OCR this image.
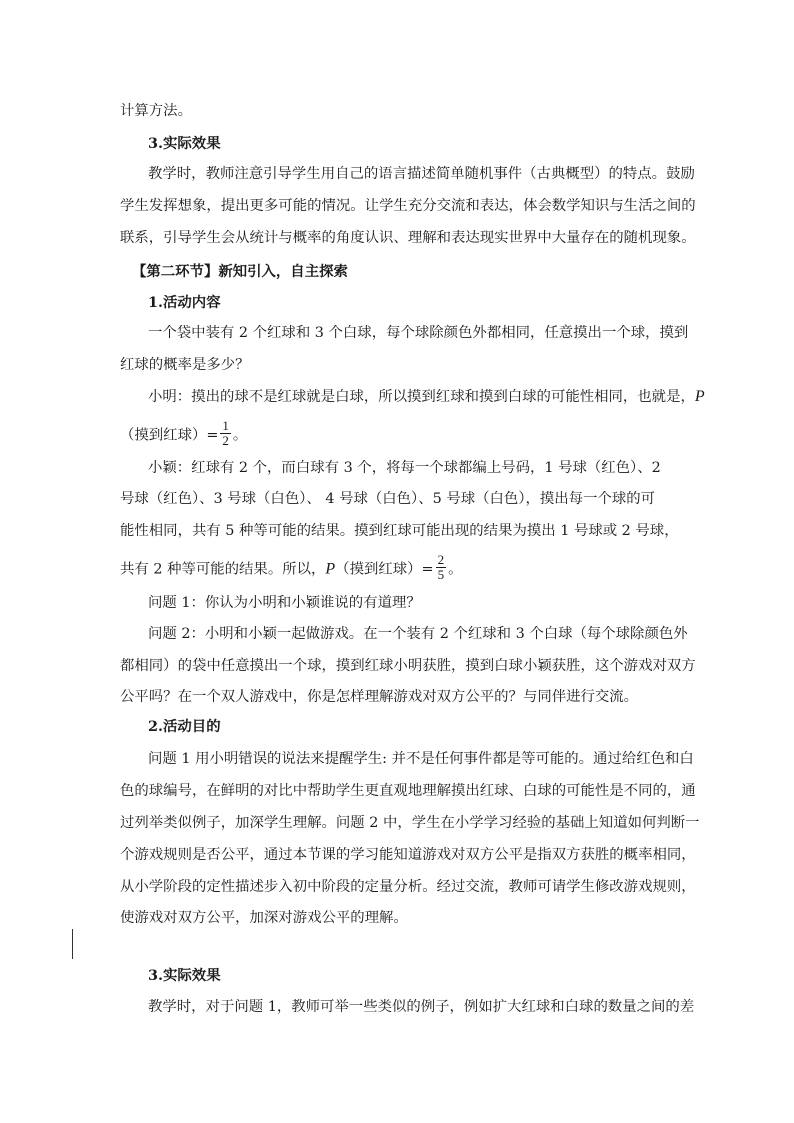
计算方法。
3.实际效果
教学时，教师注意引导学生用自己的语言描述简单随机事件（古典概型）的特点。鼓励
学生发挥想象，提出更多可能的情况。让学生充分交流和表达，体会数学知识与生活之间的
联系，引导学生会从统计与概率的角度认识、理解和表达现实世界中大量存在的随机现象。
【第二环节】新知引入，自主探索
1.活动内容
一个袋中装有 2 个红球和 3 个白球，每个球除颜色外都相同，任意摸出一个球，摸到
红球的概率是多少？
小明：摸出的球不是红球就是白球，所以摸到红球和摸到白球的可能性相同，也就是，P
（摸到红球）= $\frac{1}{2}$ 。
小颖：红球有 2 个，而白球有 3 个，将每一个球都编上号码，1 号球（红色）、2
号球（红色）、3 号球（白色）、 4 号球（白色）、5 号球（白色），摸出每一个球的可
能性相同，共有 5 种等可能的结果。摸到红球可能出现的结果为摸出 1 号球或 2 号球，
共有 2 种等可能的结果。所以，P（摸到红球）= $\frac{2}{5}$ 。
问题 1：你认为小明和小颖谁说的有道理？
问题 2：小明和小颖一起做游戏。在一个装有 2 个红球和 3 个白球（每个球除颜色外
都相同）的袋中任意摸出一个球，摸到红球小明获胜，摸到白球小颖获胜，这个游戏对双方
公平吗？在一个双人游戏中，你是怎样理解游戏对双方公平的？与同伴进行交流。
2.活动目的
问题 1 用小明错误的说法来提醒学生: 并不是任何事件都是等可能的。通过给红色和白
色的球编号，在鲜明的对比中帮助学生更直观地理解摸出红球、白球的可能性是不同的，通
过列举类似例子，加深学生理解。问题 2 中，学生在小学学习经验的基础上知道如何判断一
个游戏规则是否公平，通过本节课的学习能知道游戏对双方公平是指双方获胜的概率相同，
从小学阶段的定性描述步入初中阶段的定量分析。经过交流，教师可请学生修改游戏规则，
使游戏对双方公平，加深对游戏公平的理解。
3.实际效果
教学时，对于问题 1，教师可举一些类似的例子，例如扩大红球和白球的数量之间的差
